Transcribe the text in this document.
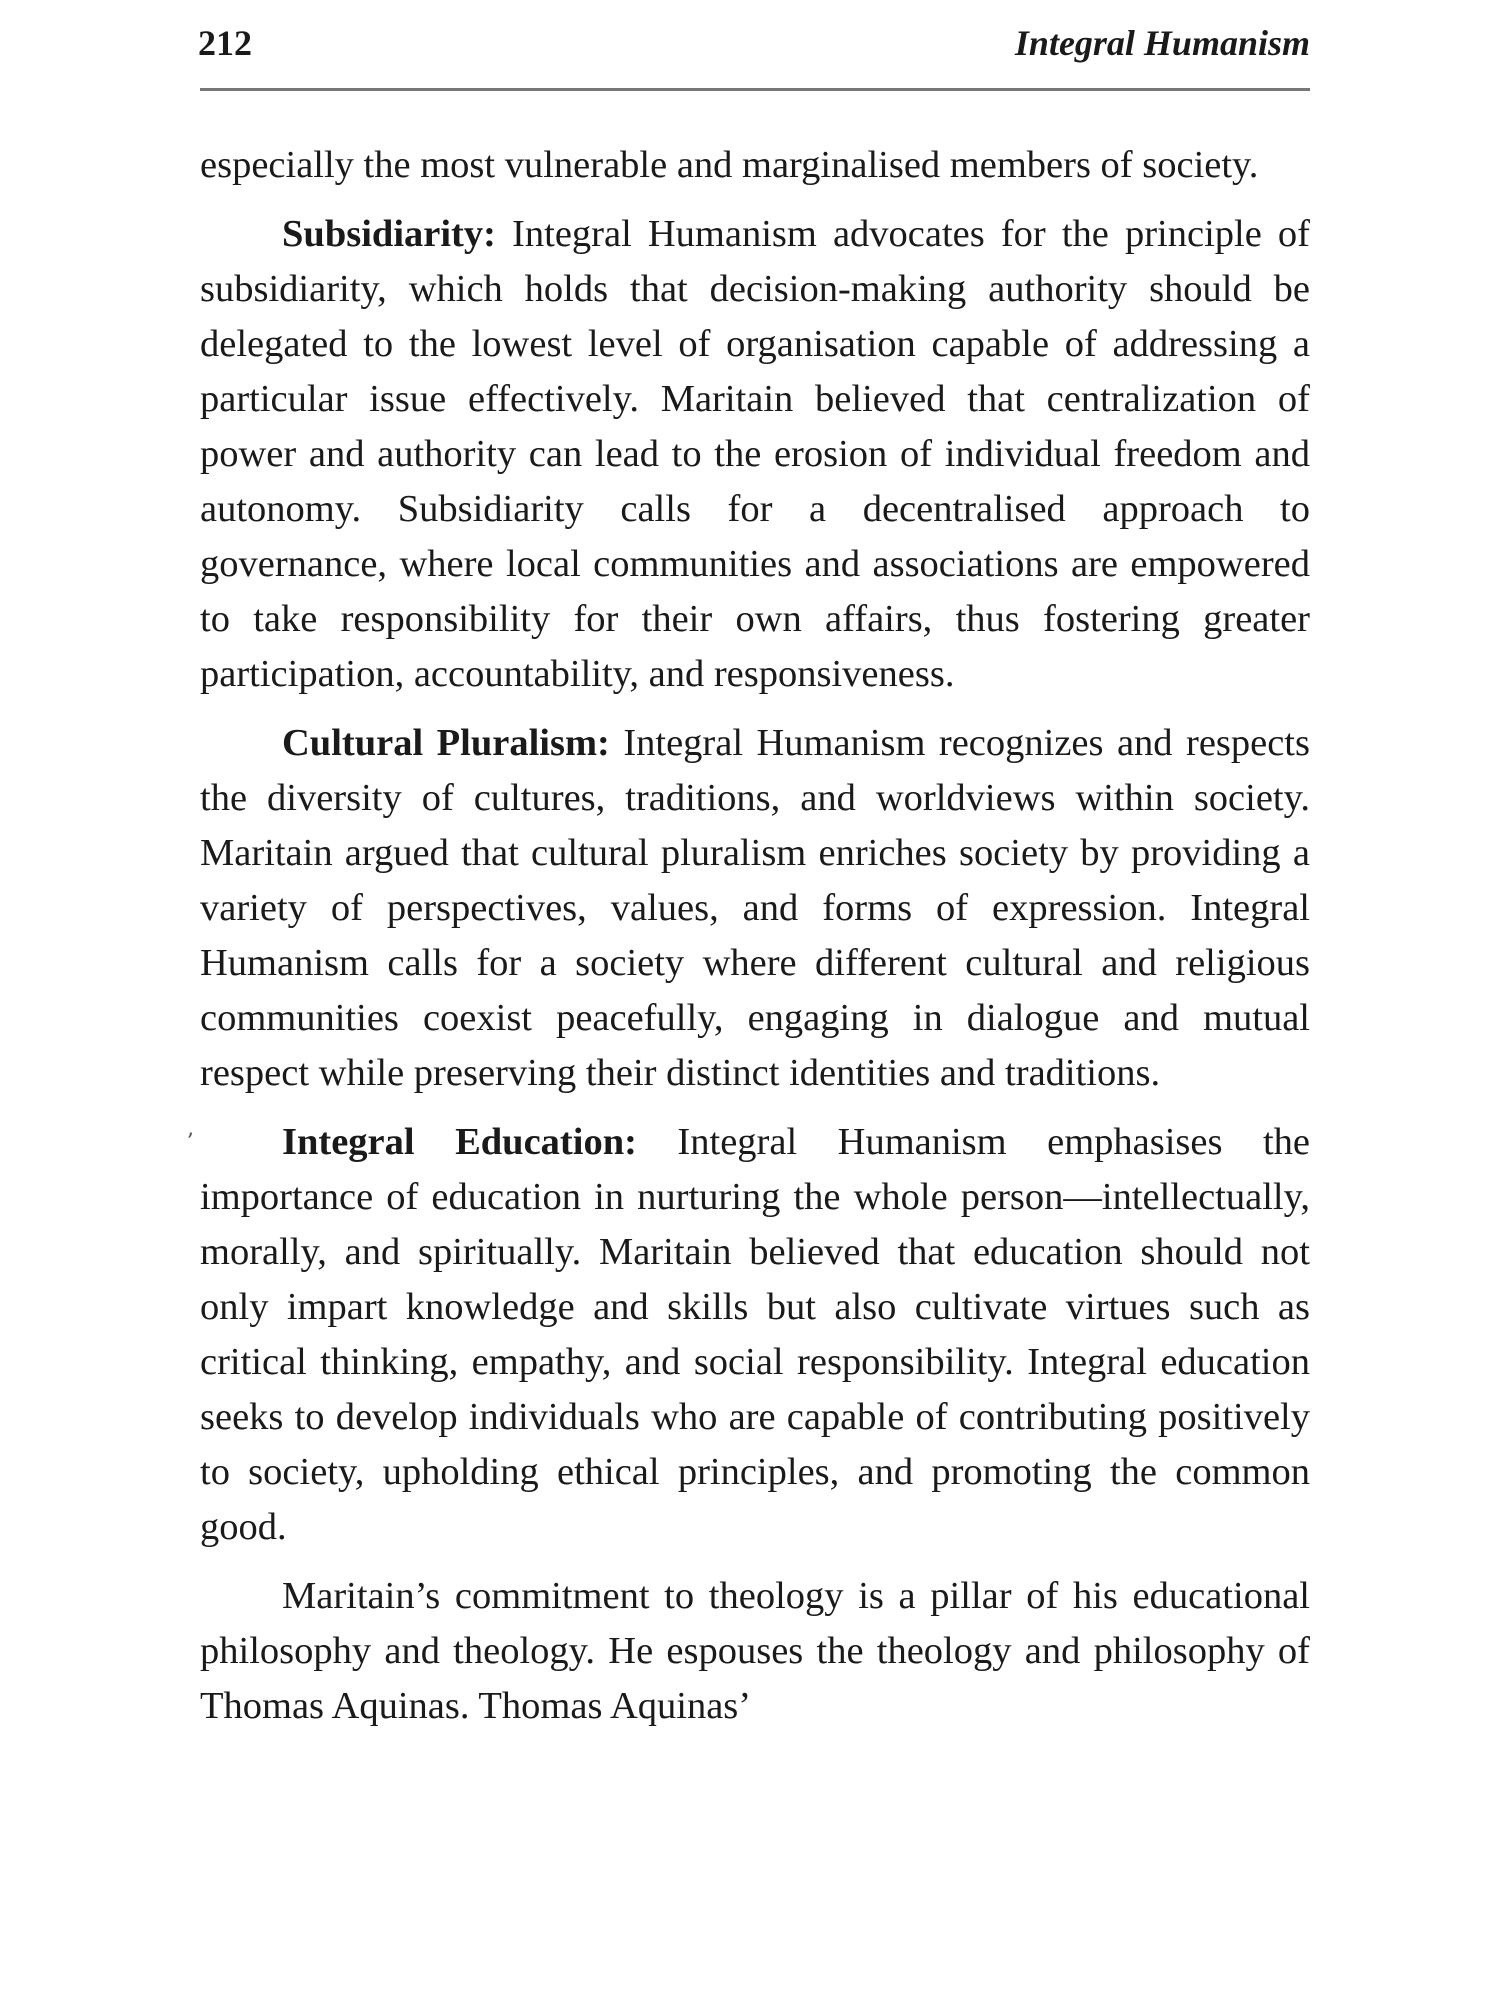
212	Integral Humanism
ʼ

especially the most vulnerable and marginalised members of society.

Subsidiarity: Integral Humanism advocates for the principle of subsidiarity, which holds that decision-making authority should be delegated to the lowest level of organisation capable of addressing a particular issue effectively. Maritain believed that centralization of power and authority can lead to the erosion of individual freedom and autonomy. Subsidiarity calls for a decentralised approach to governance, where local communities and associations are empowered to take responsibility for their own affairs, thus fostering greater participation, accountability, and responsiveness.

Cultural Pluralism: Integral Humanism recognizes and respects the diversity of cultures, traditions, and worldviews within society. Maritain argued that cultural pluralism enriches society by providing a variety of perspectives, values, and forms of expression. Integral Humanism calls for a society where different cultural and religious communities coexist peacefully, engaging in dialogue and mutual respect while preserving their distinct identities and traditions.

Integral Education: Integral Humanism emphasises the importance of education in nurturing the whole person—intellectually, morally, and spiritually. Maritain believed that education should not only impart knowledge and skills but also cultivate virtues such as critical thinking, empathy, and social responsibility. Integral education seeks to develop individuals who are capable of contributing positively to society, upholding ethical principles, and promoting the common good.

Maritain’s commitment to theology is a pillar of his educational philosophy and theology. He espouses the theology and philosophy of Thomas Aquinas. Thomas Aquinas’
